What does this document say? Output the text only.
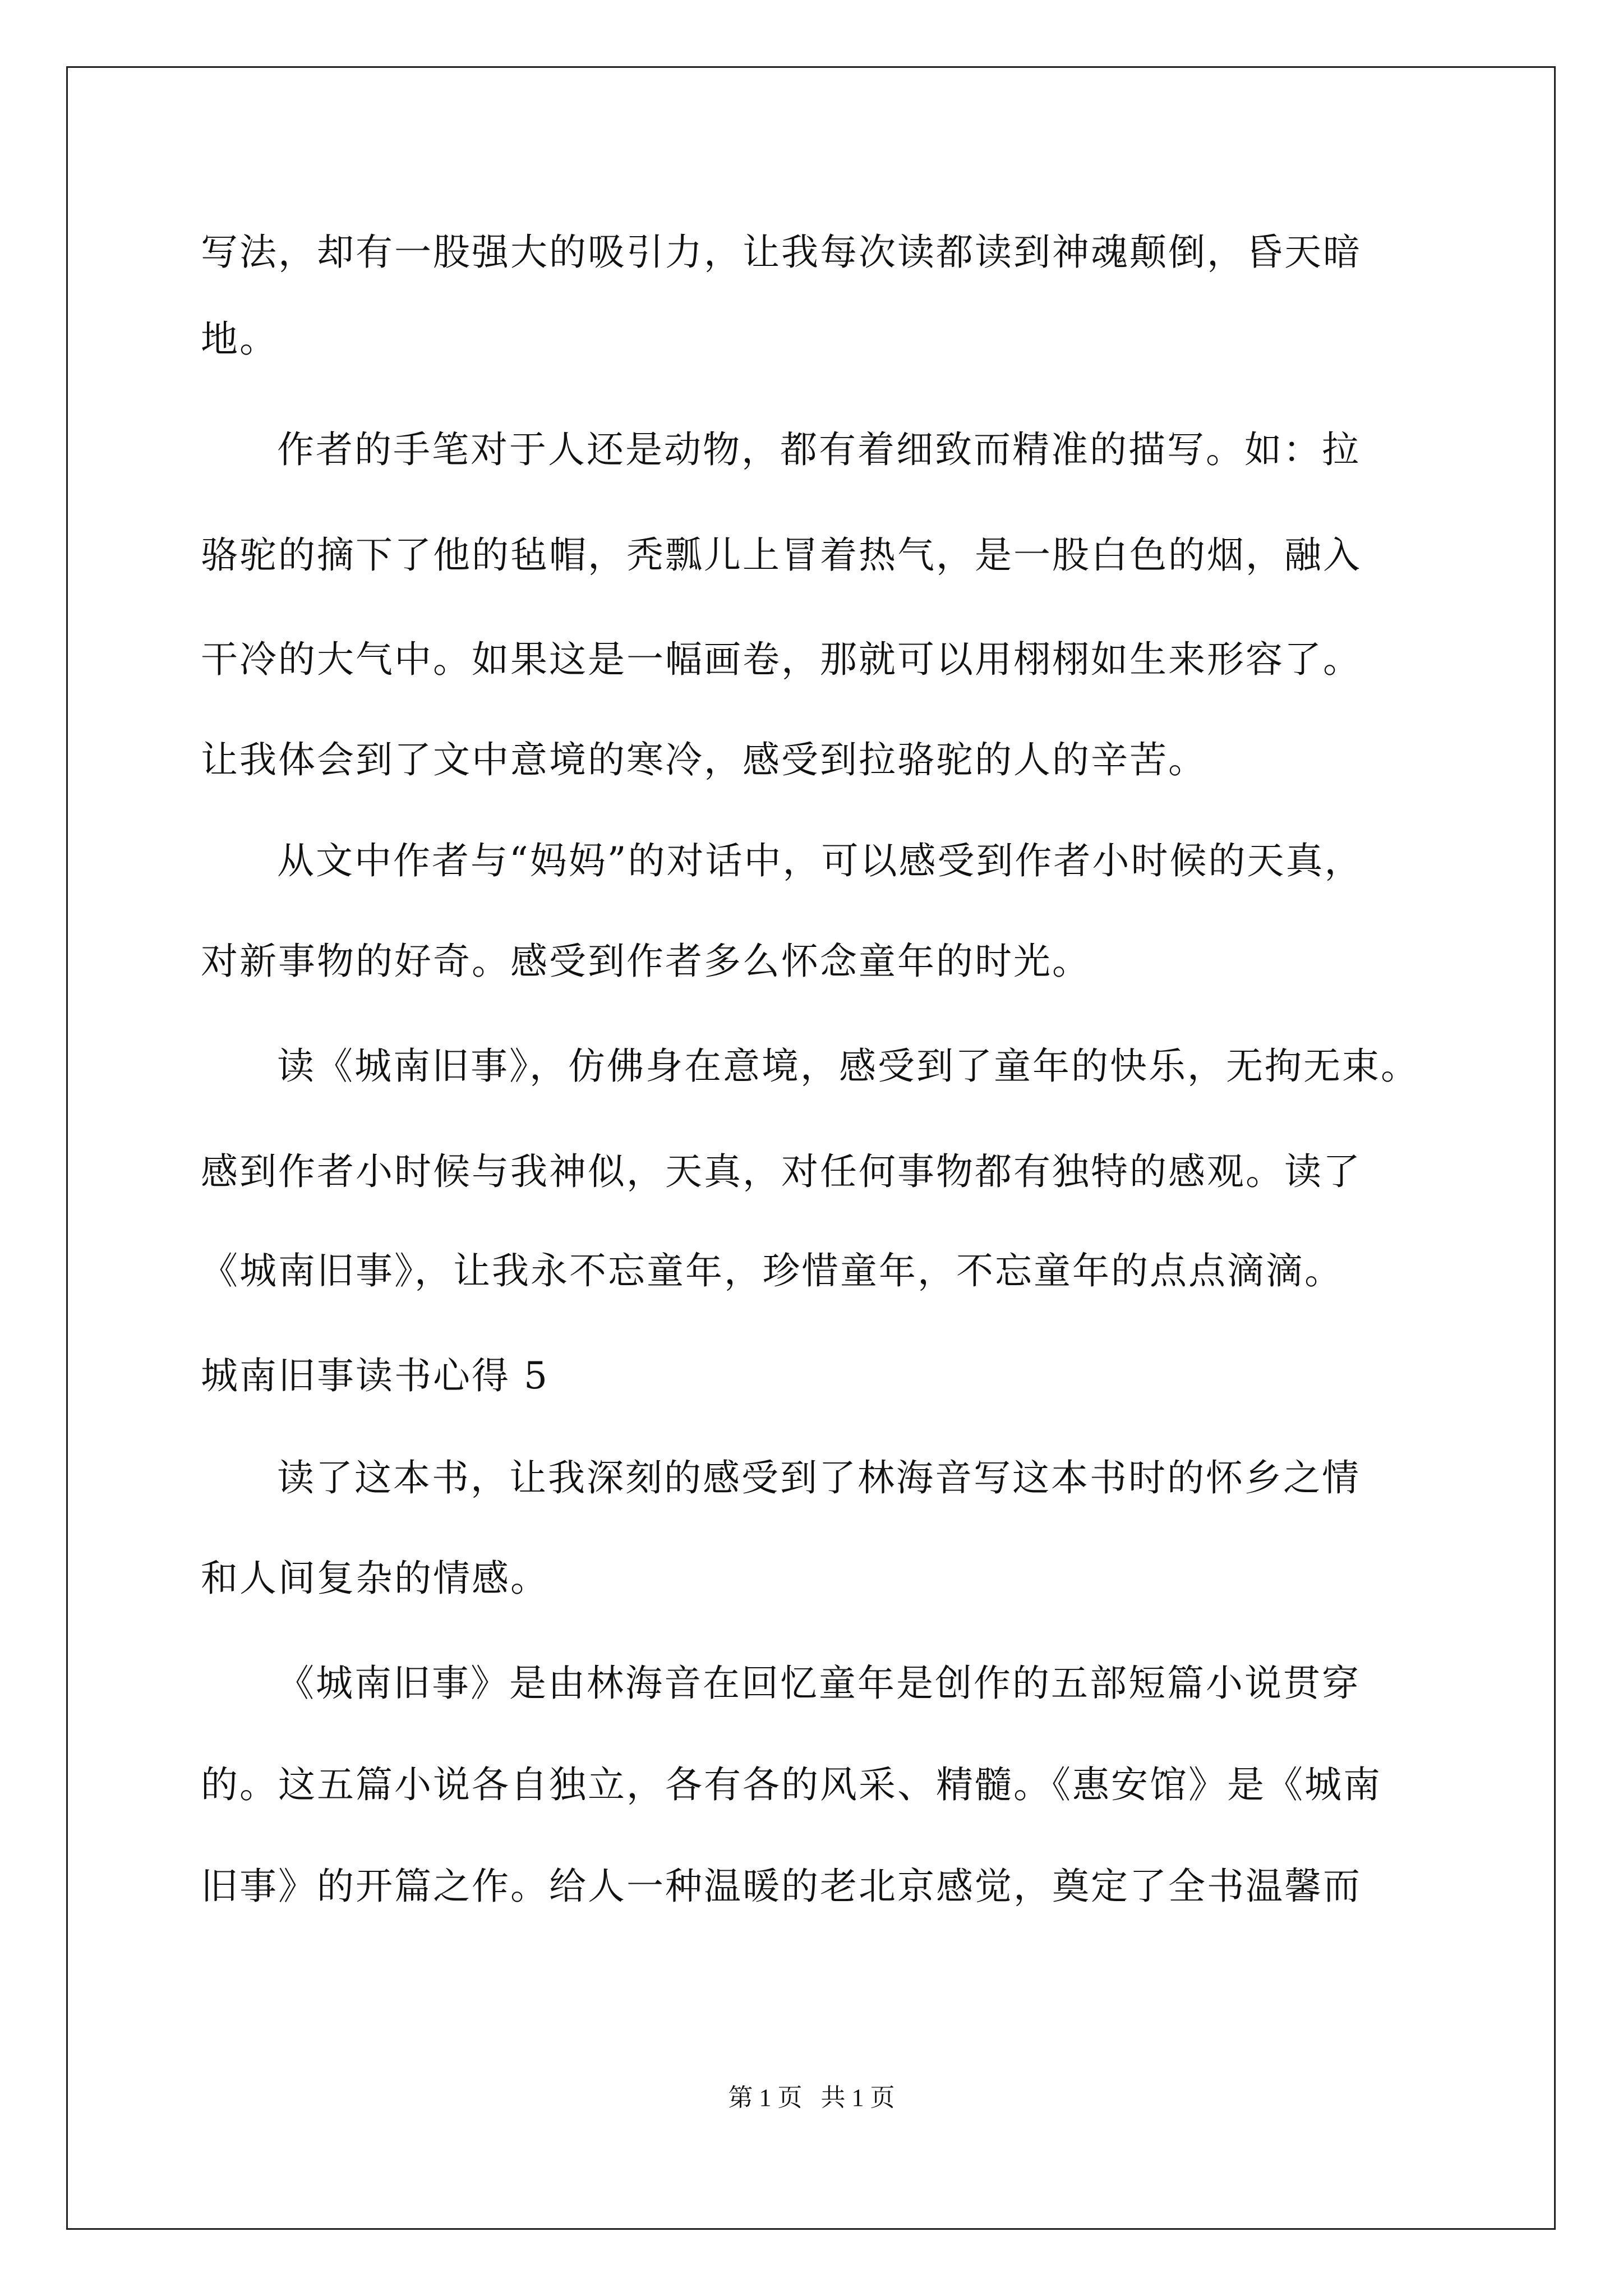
写法，却有一股强大的吸引力，让我每次读都读到神魂颠倒，昏天暗

地。

作者的手笔对于人还是动物，都有着细致而精准的描写。如：拉

骆驼的摘下了他的毡帽，秃瓢儿上冒着热气，是一股白色的烟，融入

干冷的大气中。如果这是一幅画卷，那就可以用栩栩如生来形容了。

让我体会到了文中意境的寒冷，感受到拉骆驼的人的辛苦。

从文中作者与“妈妈”的对话中，可以感受到作者小时候的天真，

对新事物的好奇。感受到作者多么怀念童年的时光。

读《城南旧事》，仿佛身在意境，感受到了童年的快乐，无拘无束。

感到作者小时候与我神似，天真，对任何事物都有独特的感观。读了

《城南旧事》，让我永不忘童年，珍惜童年，不忘童年的点点滴滴。

城南旧事读书心得 5

读了这本书，让我深刻的感受到了林海音写这本书时的怀乡之情

和人间复杂的情感。

《城南旧事》是由林海音在回忆童年是创作的五部短篇小说贯穿

的。这五篇小说各自独立，各有各的风采、精髓。《惠安馆》是《城南

旧事》的开篇之作。给人一种温暖的老北京感觉，奠定了全书温馨而

第 1 页   共 1 页
